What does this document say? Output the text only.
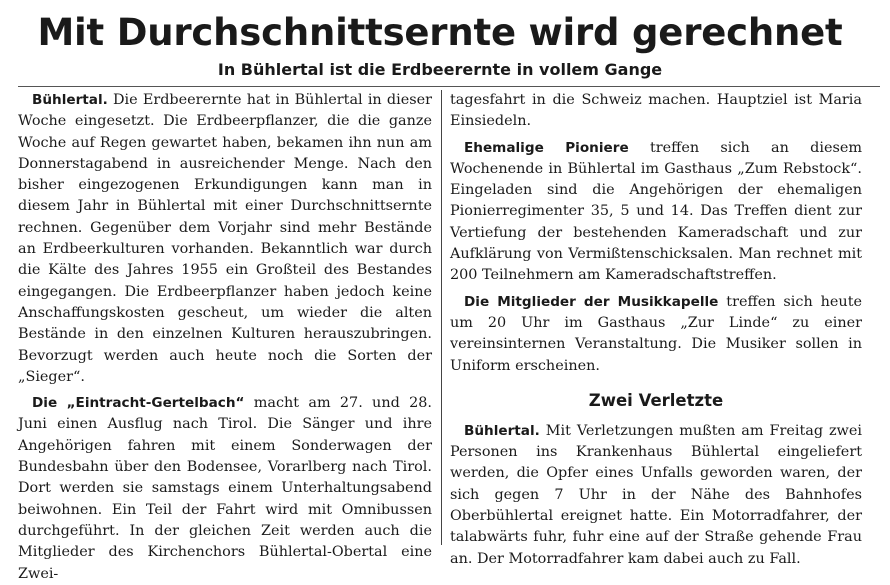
Mit Durchschnittsernte wird gerechnet
In Bühlertal ist die Erdbeerernte in vollem Gange

Bühlertal. Die Erdbeerernte hat in Bühlertal in dieser Woche eingesetzt. Die Erdbeerpflanzer, die die ganze Woche auf Regen gewartet haben, bekamen ihn nun am Donnerstagabend in ausreichender Menge. Nach den bisher eingezogenen Erkundigungen kann man in diesem Jahr in Bühlertal mit einer Durchschnittsernte rechnen. Gegenüber dem Vorjahr sind mehr Bestände an Erdbeerkulturen vorhanden. Bekanntlich war durch die Kälte des Jahres 1955 ein Großteil des Bestandes eingegangen. Die Erdbeerpflanzer haben jedoch keine Anschaffungskosten gescheut, um wieder die alten Bestände in den einzelnen Kulturen herauszubringen. Bevorzugt werden auch heute noch die Sorten der „Sieger“.

Die „Eintracht-Gertelbach“ macht am 27. und 28. Juni einen Ausflug nach Tirol. Die Sänger und ihre Angehörigen fahren mit einem Sonderwagen der Bundesbahn über den Bodensee, Vorarlberg nach Tirol. Dort werden sie samstags einem Unterhaltungsabend beiwohnen. Ein Teil der Fahrt wird mit Omnibussen durchgeführt. In der gleichen Zeit werden auch die Mitglieder des Kirchenchors Bühlertal-Obertal eine Zwei-

tagesfahrt in die Schweiz machen. Hauptziel ist Maria Einsiedeln.

Ehemalige Pioniere treffen sich an diesem Wochenende in Bühlertal im Gasthaus „Zum Rebstock“. Eingeladen sind die Angehörigen der ehemaligen Pionierregimenter 35, 5 und 14. Das Treffen dient zur Vertiefung der bestehenden Kameradschaft und zur Aufklärung von Vermißtenschicksalen. Man rechnet mit 200 Teilnehmern am Kameradschaftstreffen.

Die Mitglieder der Musikkapelle treffen sich heute um 20 Uhr im Gasthaus „Zur Linde“ zu einer vereinsinternen Veranstaltung. Die Musiker sollen in Uniform erscheinen.

Zwei Verletzte

Bühlertal. Mit Verletzungen mußten am Freitag zwei Personen ins Krankenhaus Bühlertal eingeliefert werden, die Opfer eines Unfalls geworden waren, der sich gegen 7 Uhr in der Nähe des Bahnhofes Oberbühlertal ereignet hatte. Ein Motorradfahrer, der talabwärts fuhr, fuhr eine auf der Straße gehende Frau an. Der Motorradfahrer kam dabei auch zu Fall.
